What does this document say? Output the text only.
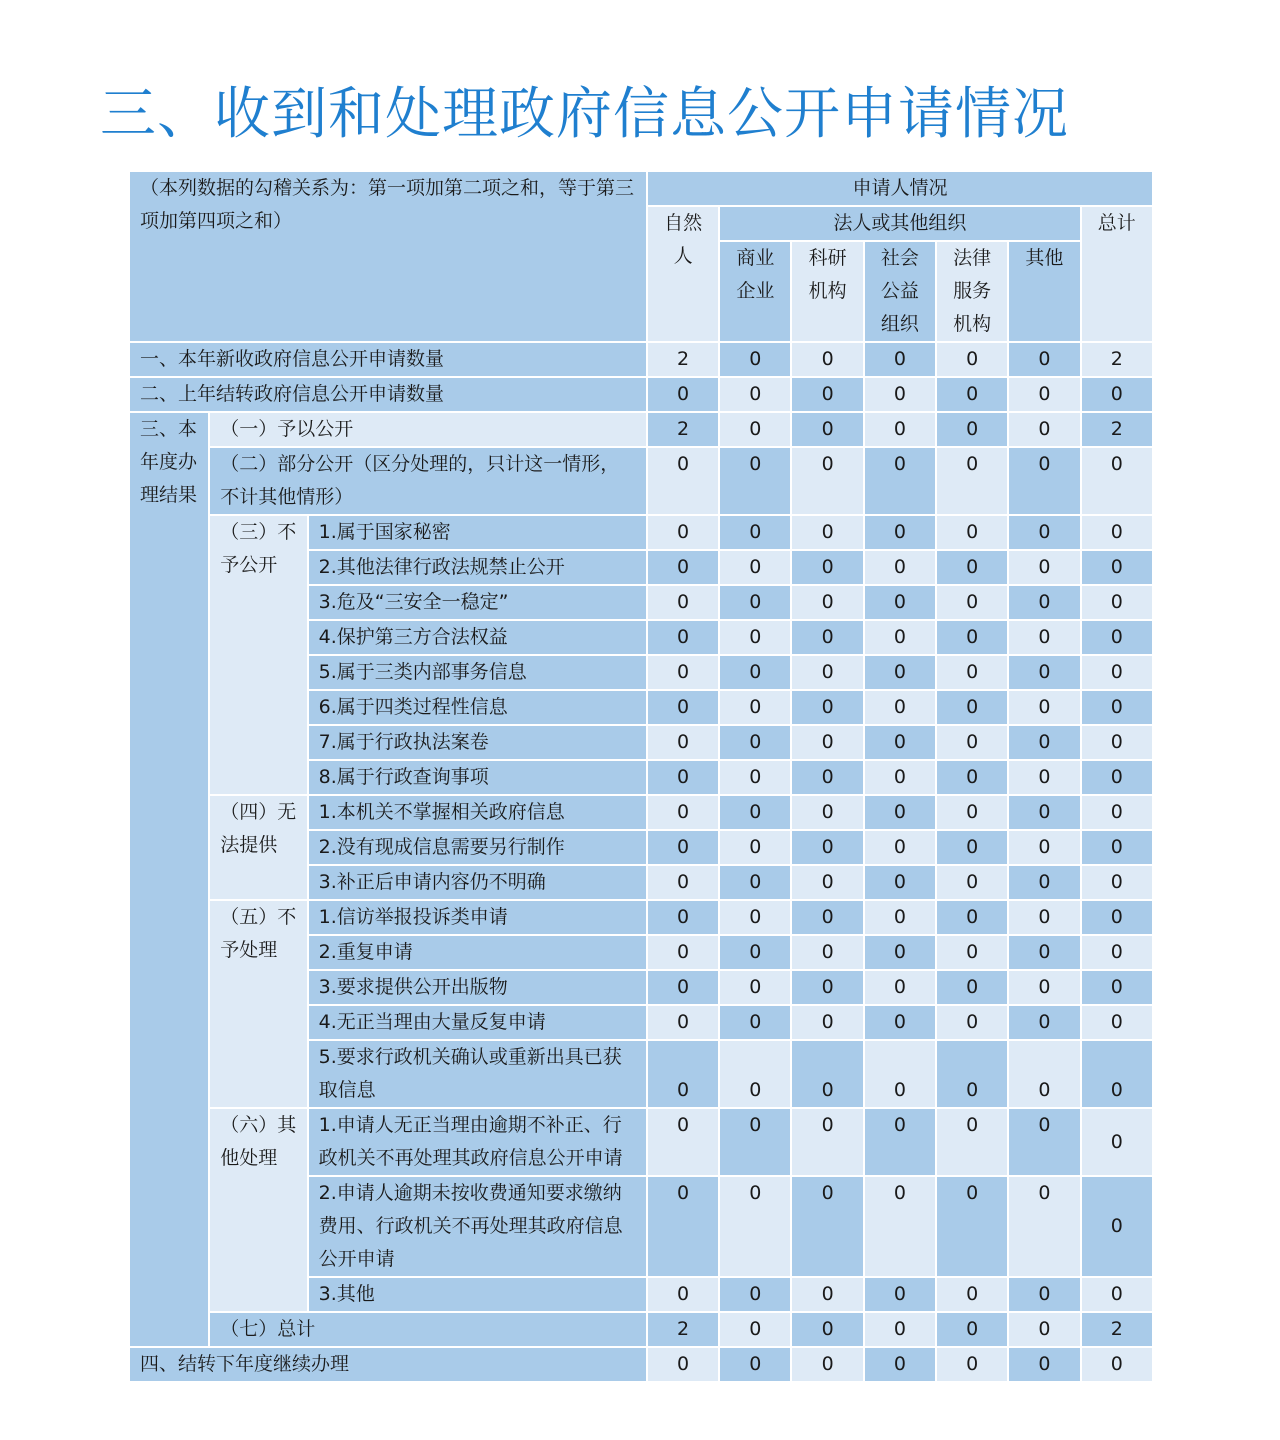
三、收到和处理政府信息公开申请情况
（本列数据的勾稽关系为：第一项加第二项之和，等于第三项加第四项之和）			申请人情况						
			自然人	法人或其他组织					总计
				商业企业	科研机构	社会公益组织	法律服务机构	其他	
一、本年新收政府信息公开申请数量			2	0	0	0	0	0	2
二、上年结转政府信息公开申请数量			0	0	0	0	0	0	0
三、本年度办理结果	（一）予以公开		2	0	0	0	0	0	2
	（二）部分公开（区分处理的，只计这一情形，不计其他情形）		0	0	0	0	0	0	0
	（三）不予公开	1.属于国家秘密	0	0	0	0	0	0	0
		2.其他法律行政法规禁止公开	0	0	0	0	0	0	0
		3.危及“三安全一稳定”	0	0	0	0	0	0	0
		4.保护第三方合法权益	0	0	0	0	0	0	0
		5.属于三类内部事务信息	0	0	0	0	0	0	0
		6.属于四类过程性信息	0	0	0	0	0	0	0
		7.属于行政执法案卷	0	0	0	0	0	0	0
		8.属于行政查询事项	0	0	0	0	0	0	0
	（四）无法提供	1.本机关不掌握相关政府信息	0	0	0	0	0	0	0
		2.没有现成信息需要另行制作	0	0	0	0	0	0	0
		3.补正后申请内容仍不明确	0	0	0	0	0	0	0
	（五）不予处理	1.信访举报投诉类申请	0	0	0	0	0	0	0
		2.重复申请	0	0	0	0	0	0	0
		3.要求提供公开出版物	0	0	0	0	0	0	0
		4.无正当理由大量反复申请	0	0	0	0	0	0	0
		5.要求行政机关确认或重新出具已获取信息	0	0	0	0	0	0	0
	（六）其他处理	1.申请人无正当理由逾期不补正、行政机关不再处理其政府信息公开申请	0	0	0	0	0	0	0
		2.申请人逾期未按收费通知要求缴纳费用、行政机关不再处理其政府信息公开申请	0	0	0	0	0	0	0
		3.其他	0	0	0	0	0	0	0
	（七）总计		2	0	0	0	0	0	2
四、结转下年度继续办理			0	0	0	0	0	0	0
